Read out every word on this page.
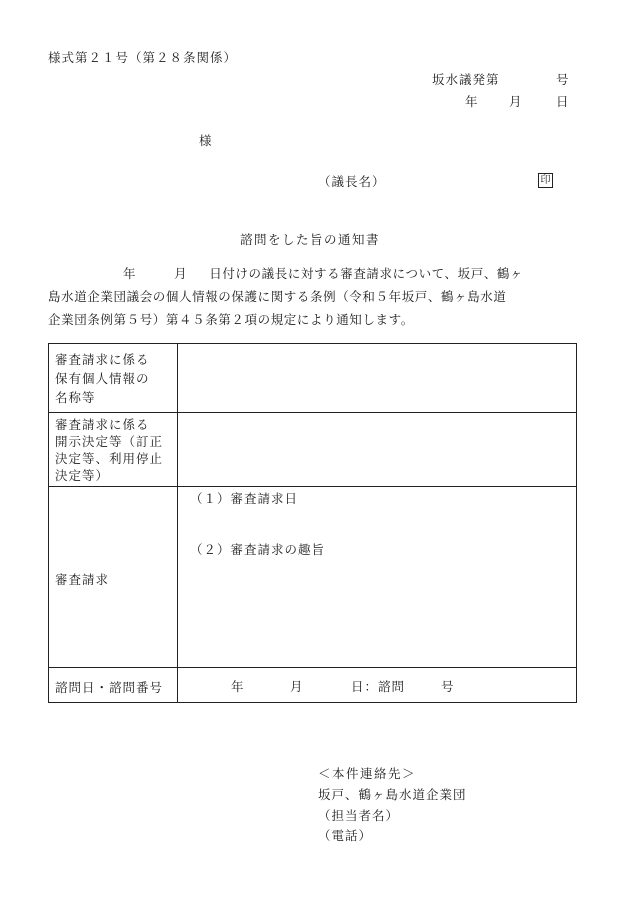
様式第２１号（第２８条関係）
坂水議発第	号
年	月	日
様
（議長名）	印
諮問をした旨の通知書
年	月 日付けの議長に対する審査請求について、坂戸、鶴ヶ
島水道企業団議会の個人情報の保護に関する条例（令和５年坂戸、鶴ヶ島水道
企業団条例第５号）第４５条第２項の規定により通知します。
審査請求に係る
保有個人情報の
名称等	

審査請求に係る
開示決定等（訂正
決定等、利用停止
決定等）	

審査請求	（１）審査請求日
（２）審査請求の趣旨

諮問日・諮問番号	年 月 日：諮問 号
＜本件連絡先＞
坂戸、鶴ヶ島水道企業団
（担当者名）
（電話）
